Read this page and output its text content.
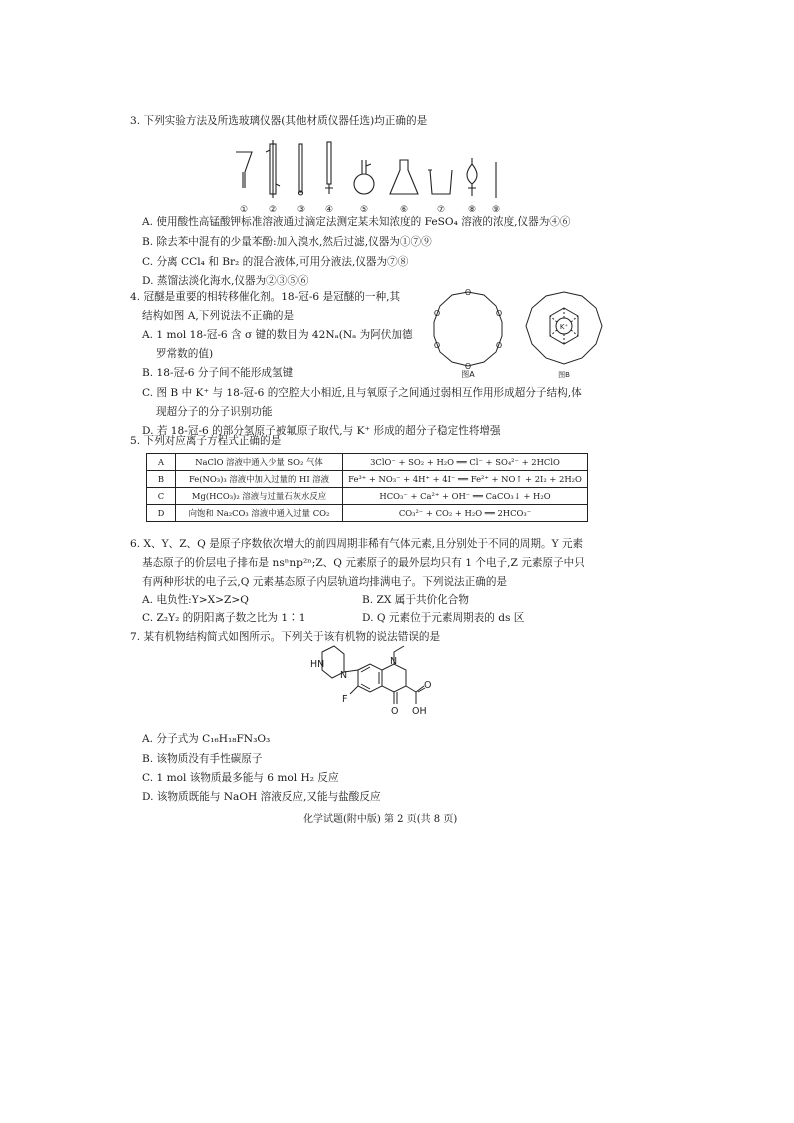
3. 下列实验方法及所选玻璃仪器(其他材质仪器任选)均正确的是
① ② ③ ④	⑤	⑥	⑦	⑧ ⑨
A. 使用酸性高锰酸钾标准溶液通过滴定法测定某未知浓度的 FeSO₄ 溶液的浓度,仪器为④⑥
B. 除去苯中混有的少量苯酚:加入溴水,然后过滤,仪器为①⑦⑨
C. 分离 CCl₄ 和 Br₂ 的混合液体,可用分液法,仪器为⑦⑧
D. 蒸馏法淡化海水,仪器为②③⑤⑥
4. 冠醚是重要的相转移催化剂。18-冠-6 是冠醚的一种,其
结构如图 A,下列说法不正确的是
A. 1 mol 18-冠-6 含 σ 键的数目为 42Nₐ(Nₐ 为阿伏加德
罗常数的值)
B. 18-冠-6 分子间不能形成氢键
C. 图 B 中 K⁺ 与 18-冠-6 的空腔大小相近,且与氧原子之间通过弱相互作用形成超分子结构,体
现超分子的分子识别功能
D. 若 18-冠-6 的部分氢原子被氟原子取代,与 K⁺ 形成的超分子稳定性将增强
O
O
O
O
O
O
图A
K⁺
图B
5. 下列对应离子方程式正确的是
A	NaClO 溶液中通入少量 SO₂ 气体	3ClO⁻ + SO₂ + H₂O ══ Cl⁻ + SO₄²⁻ + 2HClO
B	Fe(NO₃)₃ 溶液中加入过量的 HI 溶液	Fe³⁺ + NO₃⁻ + 4H⁺ + 4I⁻ ══ Fe²⁺ + NO↑ + 2I₂ + 2H₂O
C	Mg(HCO₃)₂ 溶液与过量石灰水反应	HCO₃⁻ + Ca²⁺ + OH⁻ ══ CaCO₃↓ + H₂O
D	向饱和 Na₂CO₃ 溶液中通入过量 CO₂	CO₃²⁻ + CO₂ + H₂O ══ 2HCO₃⁻
6. X、Y、Z、Q 是原子序数依次增大的前四周期非稀有气体元素,且分别处于不同的周期。Y 元素
基态原子的价层电子排布是 nsⁿnp²ⁿ;Z、Q 元素原子的最外层均只有 1 个电子,Z 元素原子中只
有两种形状的电子云,Q 元素基态原子内层轨道均排满电子。下列说法正确的是
A. 电负性:Y>X>Z>Q	B. ZX 属于共价化合物
C. Z₂Y₂ 的阴阳离子数之比为 1∶1	D. Q 元素位于元素周期表的 ds 区
7. 某有机物结构简式如图所示。下列关于该有机物的说法错误的是
HN
N
N
F
O
O
OH
A. 分子式为 C₁₆H₁₈FN₃O₃
B. 该物质没有手性碳原子
C. 1 mol 该物质最多能与 6 mol H₂ 反应
D. 该物质既能与 NaOH 溶液反应,又能与盐酸反应
化学试题(附中版) 第 2 页(共 8 页)
